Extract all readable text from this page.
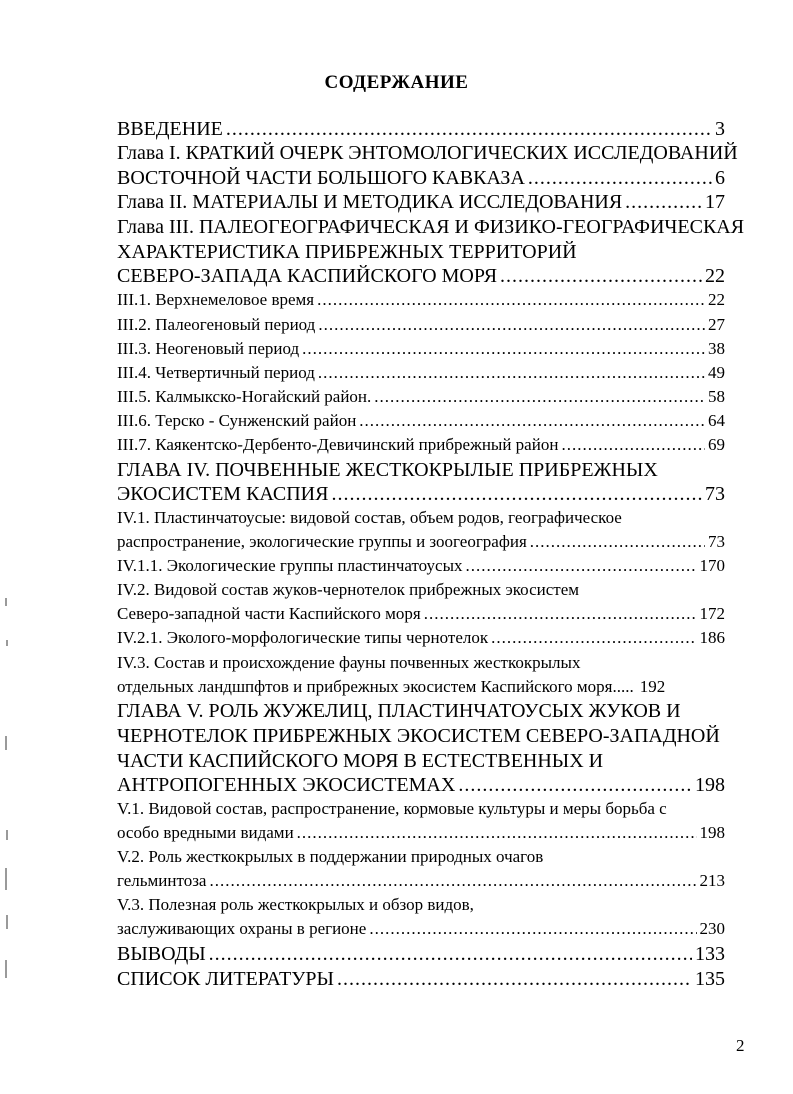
СОДЕРЖАНИЕ
ВВЕДЕНИЕ .....	3
Глава I. КРАТКИЙ ОЧЕРК ЭНТОМОЛОГИЧЕСКИХ ИССЛЕДОВАНИЙ
ВОСТОЧНОЙ ЧАСТИ БОЛЬШОГО КАВКАЗА .....	6
Глава II. МАТЕРИАЛЫ И МЕТОДИКА ИССЛЕДОВАНИЯ .....	17
Глава III. ПАЛЕОГЕОГРАФИЧЕСКАЯ И ФИЗИКО-ГЕОГРАФИЧЕСКАЯ
ХАРАКТЕРИСТИКА ПРИБРЕЖНЫХ ТЕРРИТОРИЙ
СЕВЕРО-ЗАПАДА КАСПИЙСКОГО МОРЯ .....	22
III.1. Верхнемеловое время .....	22
III.2. Палеогеновый период .....	27
III.3. Неогеновый период .....	38
III.4. Четвертичный период .....	49
III.5. Калмыкско-Ногайский район. .....	58
III.6. Терско - Сунженский район .....	64
III.7. Каякентско-Дербенто-Девичинский прибрежный район .....	69
ГЛАВА IV. ПОЧВЕННЫЕ ЖЕСТКОКРЫЛЫЕ ПРИБРЕЖНЫХ
ЭКОСИСТЕМ КАСПИЯ .....	73
IV.1. Пластинчатоусые: видовой состав, объем родов, географическое
распространение, экологические группы и зоогеография .....	73
IV.1.1. Экологические группы пластинчатоусых .....	170
IV.2. Видовой состав жуков-чернотелок прибрежных экосистем
Северо-западной части Каспийского моря .....	172
IV.2.1. Эколого-морфологические типы чернотелок .....	186
IV.3. Состав и происхождение фауны почвенных жесткокрылых
отдельных ландшпфтов и прибрежных экосистем Каспийского моря..... 192
ГЛАВА V. РОЛЬ ЖУЖЕЛИЦ, ПЛАСТИНЧАТОУСЫХ ЖУКОВ И
ЧЕРНОТЕЛОК ПРИБРЕЖНЫХ ЭКОСИСТЕМ СЕВЕРО-ЗАПАДНОЙ
ЧАСТИ КАСПИЙСКОГО МОРЯ В ЕСТЕСТВЕННЫХ И
АНТРОПОГЕННЫХ ЭКОСИСТЕМАХ .....	198
V.1. Видовой состав, распространение, кормовые культуры и меры борьба с
особо вредными видами .....	198
V.2. Роль жесткокрылых в поддержании природных очагов
гельминтоза .....	213
V.3. Полезная роль жесткокрылых и обзор видов,
заслуживающих охраны в регионе .....	230
ВЫВОДЫ .....	133
СПИСОК ЛИТЕРАТУРЫ .....	135
2
